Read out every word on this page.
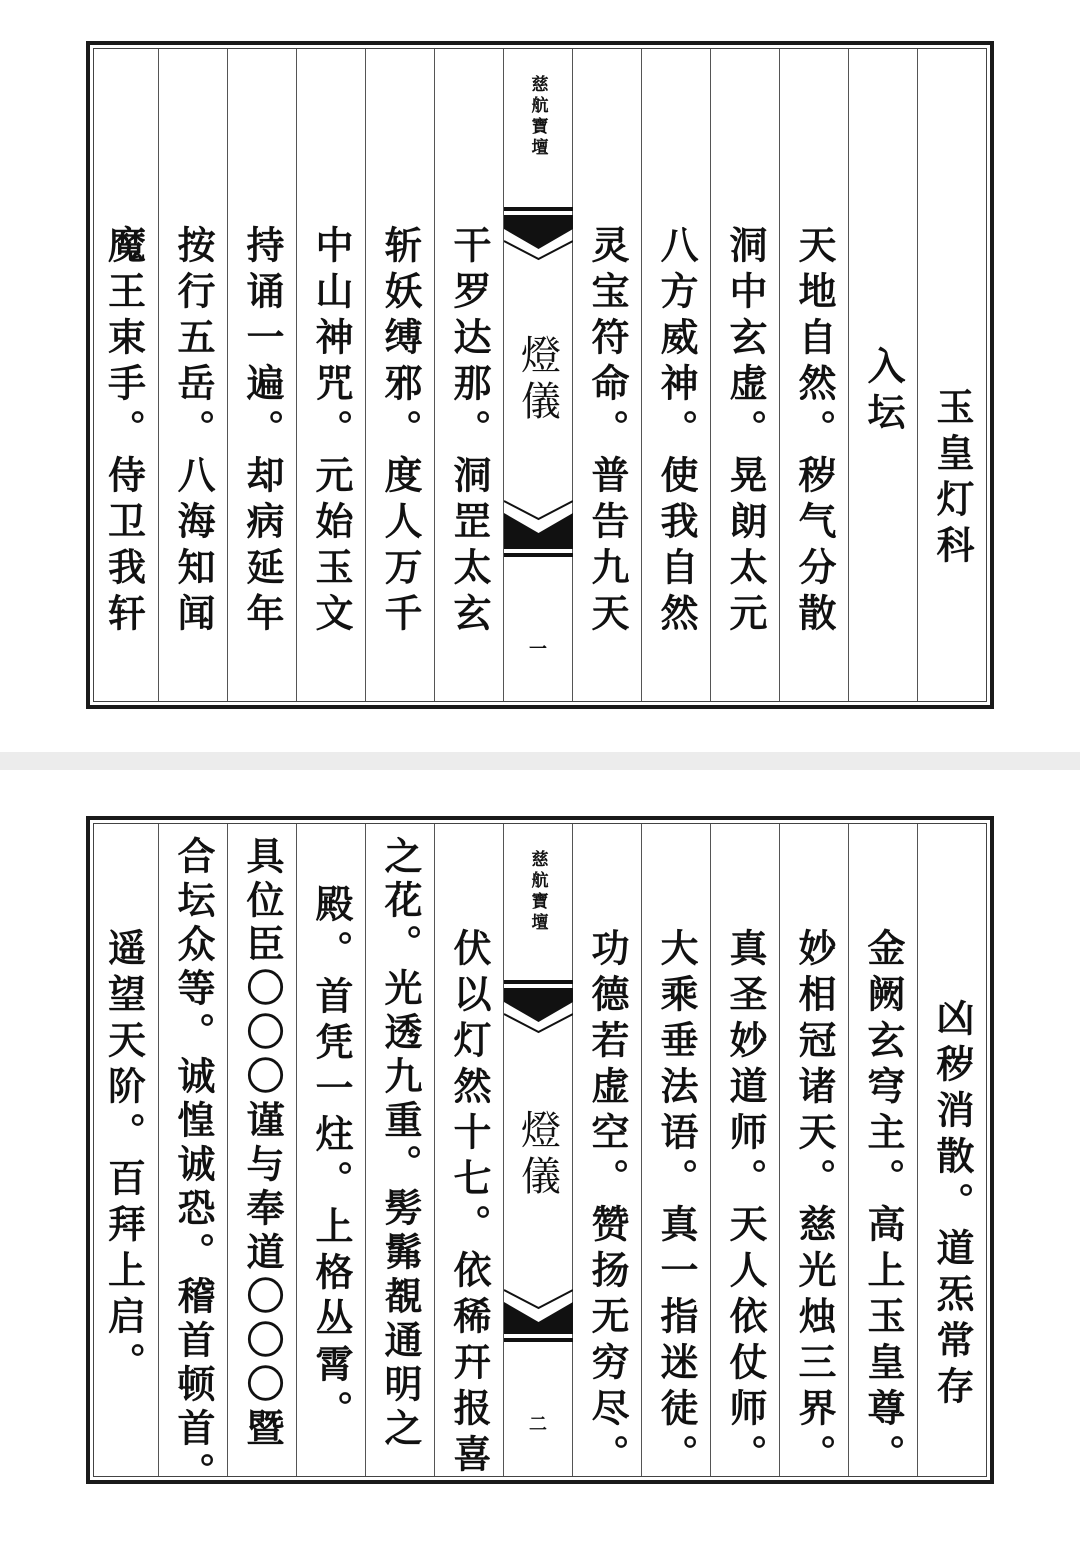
玉皇灯科
入坛
天地自然。秽气分散
洞中玄虚。晃朗太元
八方威神。使我自然
灵宝符命。普告九天
慈航寶壇
燈儀
一
干罗达那。洞罡太玄
斩妖缚邪。度人万千
中山神咒。元始玉文
持诵一遍。却病延年
按行五岳。八海知闻
魔王束手。侍卫我轩
凶秽消散。道炁常存
金阙玄穹主。高上玉皇尊。
妙相冠诸天。慈光烛三界。
真圣妙道师。天人依仗师。
大乘垂法语。真一指迷徒。
功德若虚空。赞扬无穷尽。
慈航寶壇
燈儀
二
伏以灯然十七。依稀幵报喜
之花。光透九重。髣髴覩通明之
殿。首凭一炷。上格丛霄。
具位臣〇〇〇谨与奉道〇〇〇暨
合坛众等。诚惶诚恐。稽首顿首。
遥望天阶。百拜上启。
